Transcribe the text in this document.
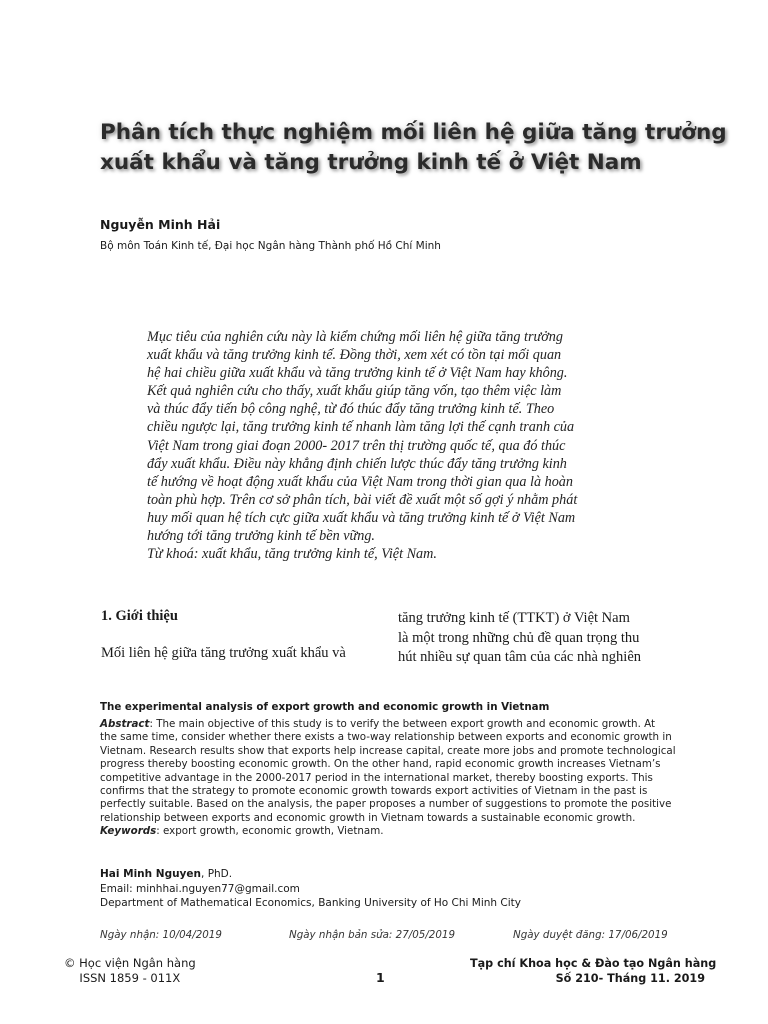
Phân tích thực nghiệm mối liên hệ giữa tăng trưởng
xuất khẩu và tăng trưởng kinh tế ở Việt Nam
Nguyễn Minh Hải
Bộ môn Toán Kinh tế, Đại học Ngân hàng Thành phố Hồ Chí Minh
Mục tiêu của nghiên cứu này là kiểm chứng mối liên hệ giữa tăng trưởng
xuất khẩu và tăng trưởng kinh tế. Đồng thời, xem xét có tồn tại mối quan
hệ hai chiều giữa xuất khẩu và tăng trưởng kinh tế ở Việt Nam hay không.
Kết quả nghiên cứu cho thấy, xuất khẩu giúp tăng vốn, tạo thêm việc làm
và thúc đẩy tiến bộ công nghệ, từ đó thúc đẩy tăng trưởng kinh tế. Theo
chiều ngược lại, tăng trưởng kinh tế nhanh làm tăng lợi thế cạnh tranh của
Việt Nam trong giai đoạn 2000- 2017 trên thị trường quốc tế, qua đó thúc
đẩy xuất khẩu. Điều này khẳng định chiến lược thúc đẩy tăng trưởng kinh
tế hướng về hoạt động xuất khẩu của Việt Nam trong thời gian qua là hoàn
toàn phù hợp. Trên cơ sở phân tích, bài viết đề xuất một số gợi ý nhằm phát
huy mối quan hệ tích cực giữa xuất khẩu và tăng trưởng kinh tế ở Việt Nam
hướng tới tăng trưởng kinh tế bền vững.
Từ khoá: xuất khẩu, tăng trưởng kinh tế, Việt Nam.
1. Giới thiệu
Mối liên hệ giữa tăng trưởng xuất khẩu và
tăng trưởng kinh tế (TTKT) ở Việt Nam
là một trong những chủ đề quan trọng thu
hút nhiều sự quan tâm của các nhà nghiên
The experimental analysis of export growth and economic growth in Vietnam
Abstract: The main objective of this study is to verify the between export growth and economic growth. At
the same time, consider whether there exists a two-way relationship between exports and economic growth in
Vietnam. Research results show that exports help increase capital, create more jobs and promote technological
progress thereby boosting economic growth. On the other hand, rapid economic growth increases Vietnam’s
competitive advantage in the 2000-2017 period in the international market, thereby boosting exports. This
confirms that the strategy to promote economic growth towards export activities of Vietnam in the past is
perfectly suitable. Based on the analysis, the paper proposes a number of suggestions to promote the positive
relationship between exports and economic growth in Vietnam towards a sustainable economic growth.
Keywords: export growth, economic growth, Vietnam.
Hai Minh Nguyen, PhD.
Email: minhhai.nguyen77@gmail.com
Department of Mathematical Economics, Banking University of Ho Chi Minh City
Ngày nhận: 10/04/2019	Ngày nhận bản sửa: 27/05/2019	Ngày duyệt đăng: 17/06/2019
© Học viện Ngân hàng
ISSN 1859 - 011X	1
Tạp chí Khoa học & Đào tạo Ngân hàng
Số 210- Tháng 11. 2019
